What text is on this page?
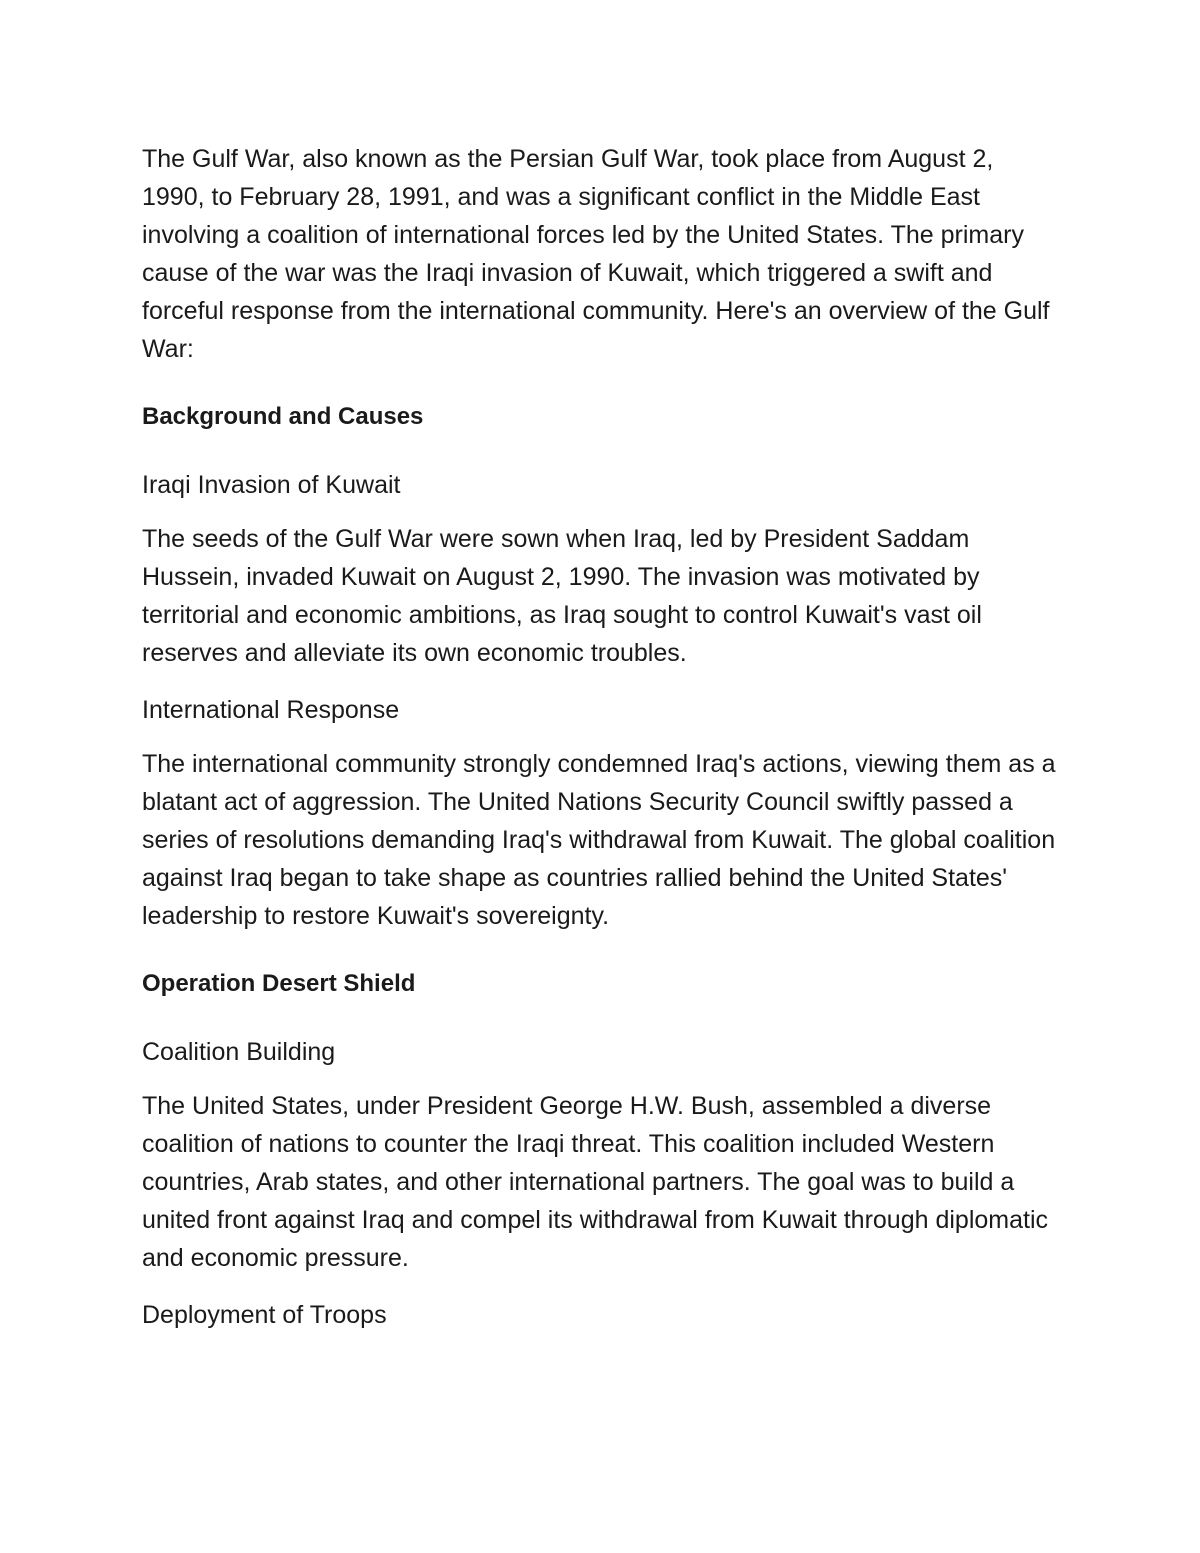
The Gulf War, also known as the Persian Gulf War, took place from August 2, 1990, to February 28, 1991, and was a significant conflict in the Middle East involving a coalition of international forces led by the United States. The primary cause of the war was the Iraqi invasion of Kuwait, which triggered a swift and forceful response from the international community. Here's an overview of the Gulf War:

Background and Causes

Iraqi Invasion of Kuwait

The seeds of the Gulf War were sown when Iraq, led by President Saddam Hussein, invaded Kuwait on August 2, 1990. The invasion was motivated by territorial and economic ambitions, as Iraq sought to control Kuwait's vast oil reserves and alleviate its own economic troubles.

International Response

The international community strongly condemned Iraq's actions, viewing them as a blatant act of aggression. The United Nations Security Council swiftly passed a series of resolutions demanding Iraq's withdrawal from Kuwait. The global coalition against Iraq began to take shape as countries rallied behind the United States' leadership to restore Kuwait's sovereignty.

Operation Desert Shield

Coalition Building

The United States, under President George H.W. Bush, assembled a diverse coalition of nations to counter the Iraqi threat. This coalition included Western countries, Arab states, and other international partners. The goal was to build a united front against Iraq and compel its withdrawal from Kuwait through diplomatic and economic pressure.

Deployment of Troops
